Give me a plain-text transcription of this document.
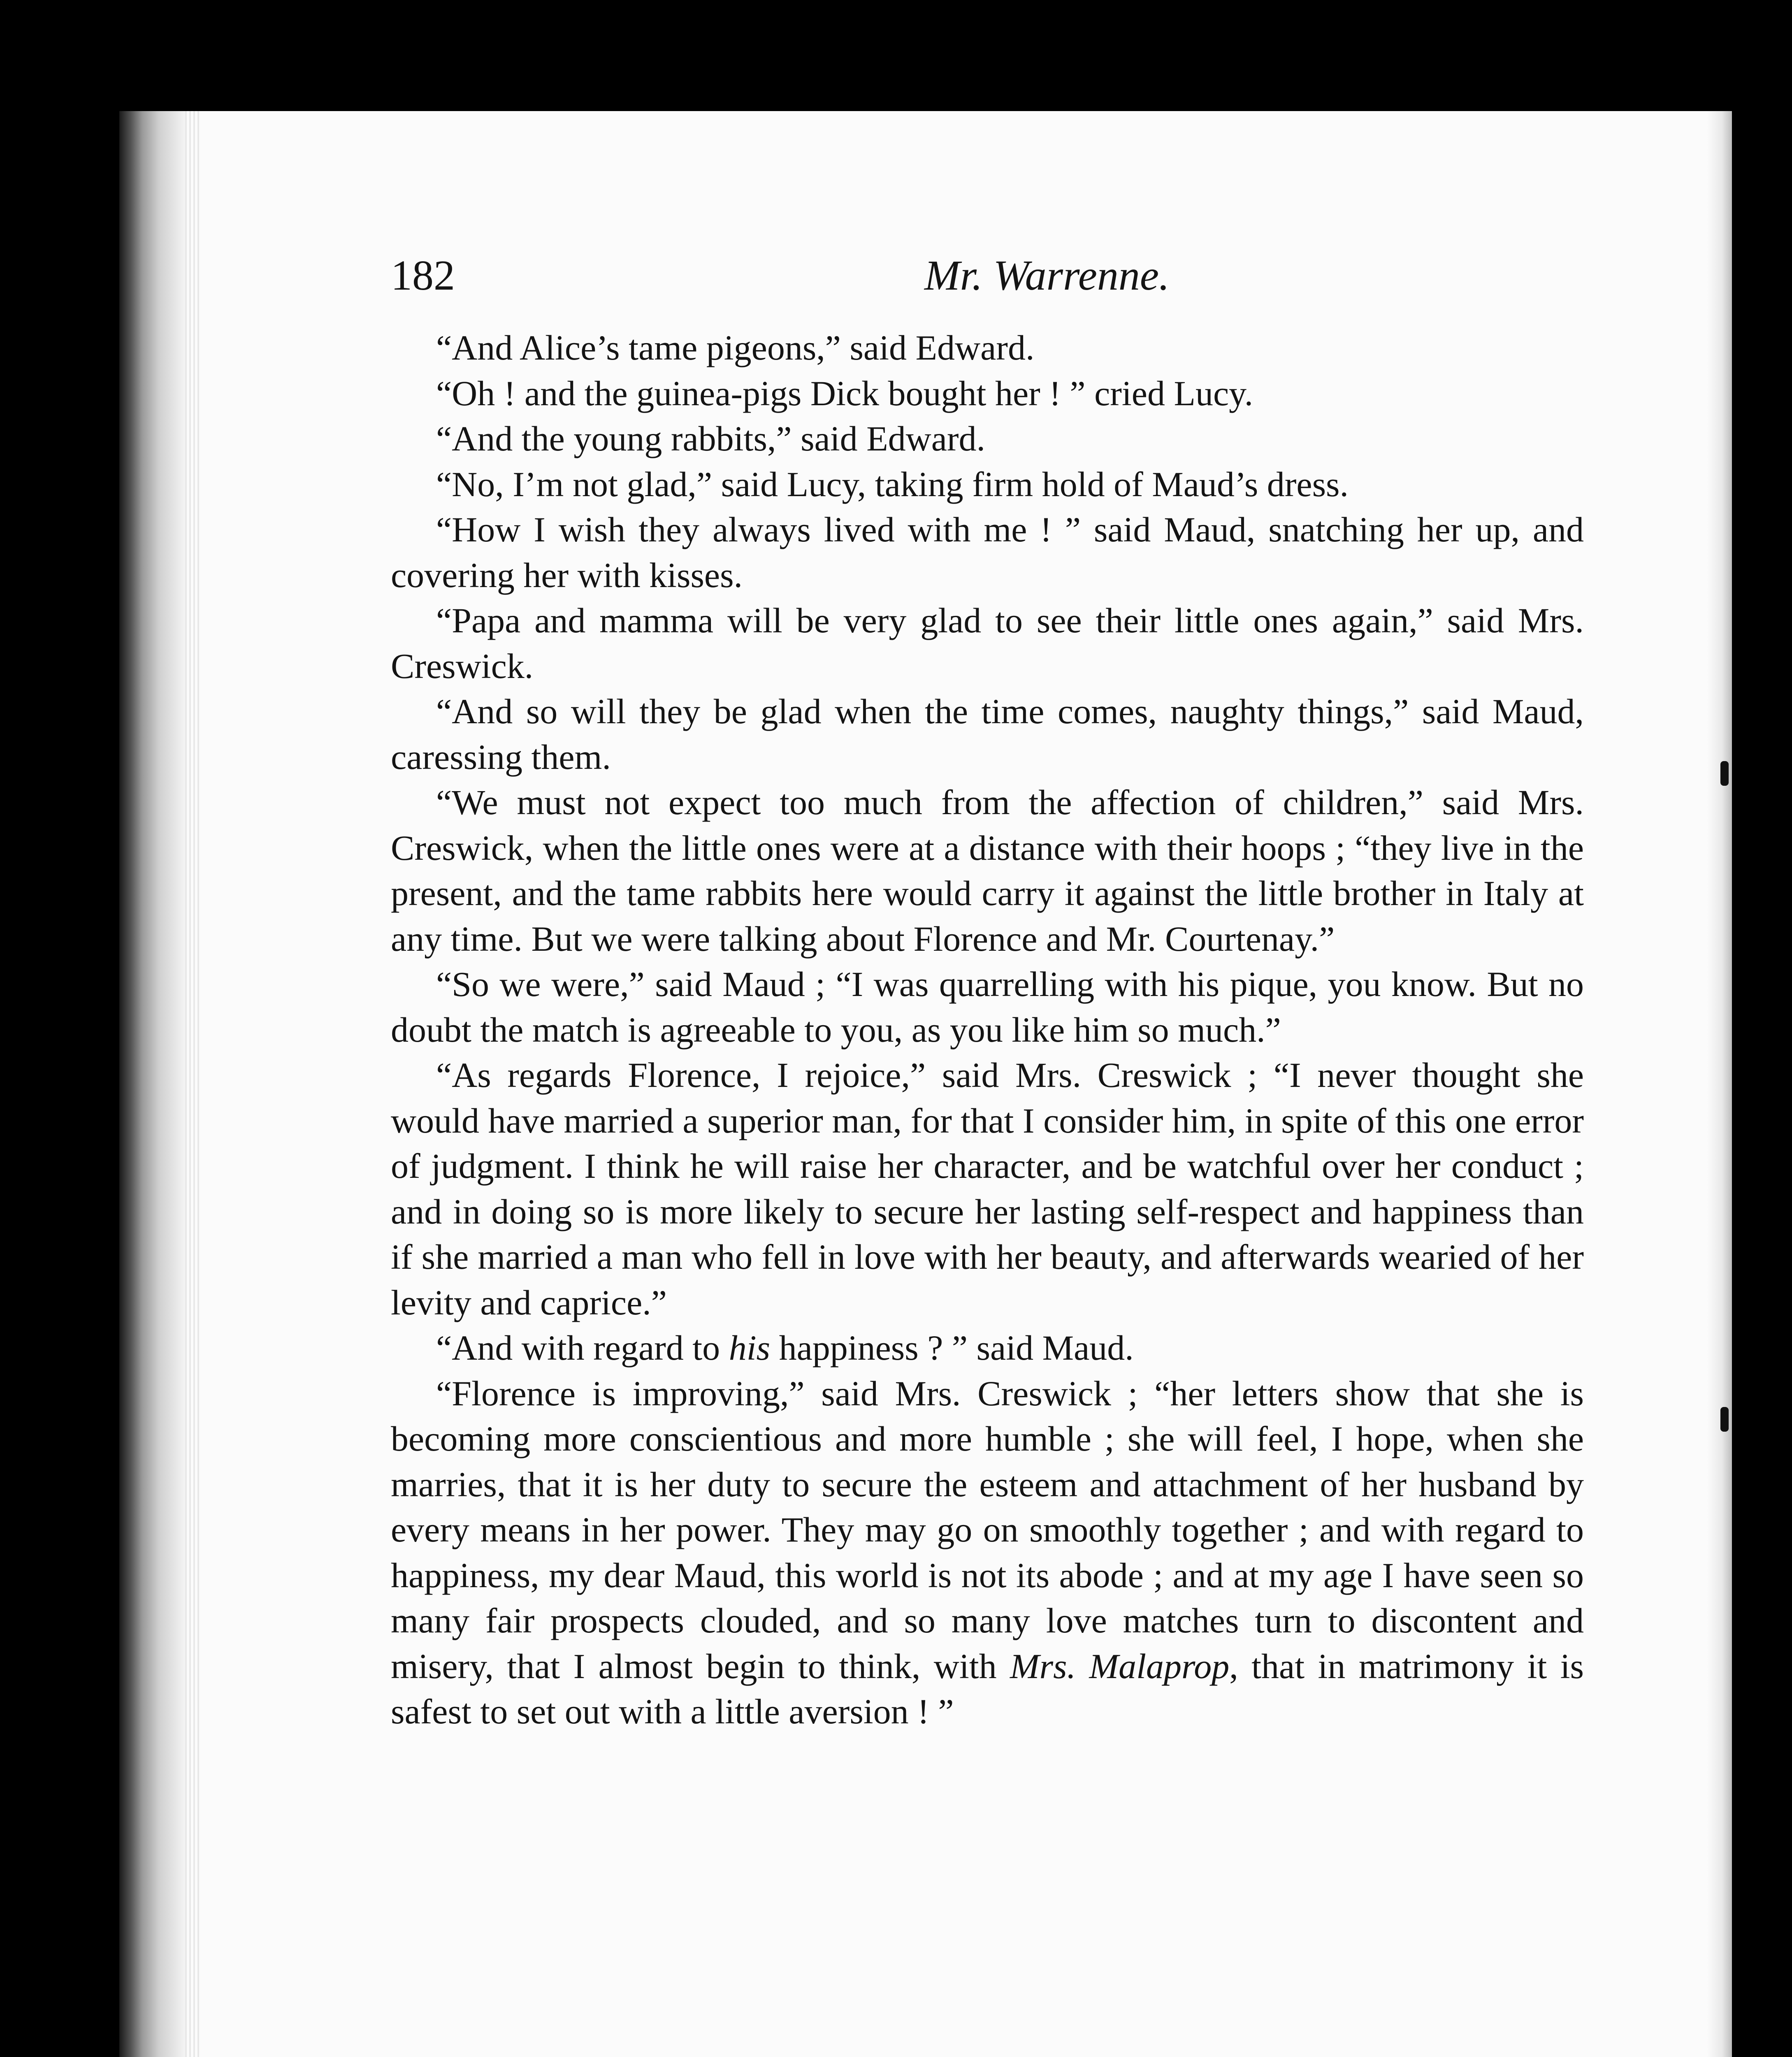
182	Mr. Warrenne.

“And Alice’s tame pigeons,” said Edward.

“Oh ! and the guinea-pigs Dick bought her ! ” cried Lucy.

“And the young rabbits,” said Edward.

“No, I’m not glad,” said Lucy, taking firm hold of Maud’s dress.

“How I wish they always lived with me ! ” said Maud, snatching her up, and covering her with kisses.

“Papa and mamma will be very glad to see their little ones again,” said Mrs. Creswick.

“And so will they be glad when the time comes, naughty things,” said Maud, caressing them.

“We must not expect too much from the affection of children,” said Mrs. Creswick, when the little ones were at a distance with their hoops ; “they live in the present, and the tame rabbits here would carry it against the little brother in Italy at any time. But we were talking about Florence and Mr. Courtenay.”

“So we were,” said Maud ; “I was quarrelling with his pique, you know. But no doubt the match is agreeable to you, as you like him so much.”

“As regards Florence, I rejoice,” said Mrs. Creswick ; “I never thought she would have married a superior man, for that I consider him, in spite of this one error of judgment. I think he will raise her character, and be watchful over her conduct ; and in doing so is more likely to secure her lasting self-respect and happiness than if she married a man who fell in love with her beauty, and afterwards wearied of her levity and caprice.”

“And with regard to his happiness ? ” said Maud.

“Florence is improving,” said Mrs. Creswick ; “her letters show that she is becoming more conscientious and more humble ; she will feel, I hope, when she marries, that it is her duty to secure the esteem and attachment of her husband by every means in her power. They may go on smoothly together ; and with regard to happiness, my dear Maud, this world is not its abode ; and at my age I have seen so many fair prospects clouded, and so many love matches turn to discontent and misery, that I almost begin to think, with Mrs. Malaprop, that in matrimony it is safest to set out with a little aversion ! ”
